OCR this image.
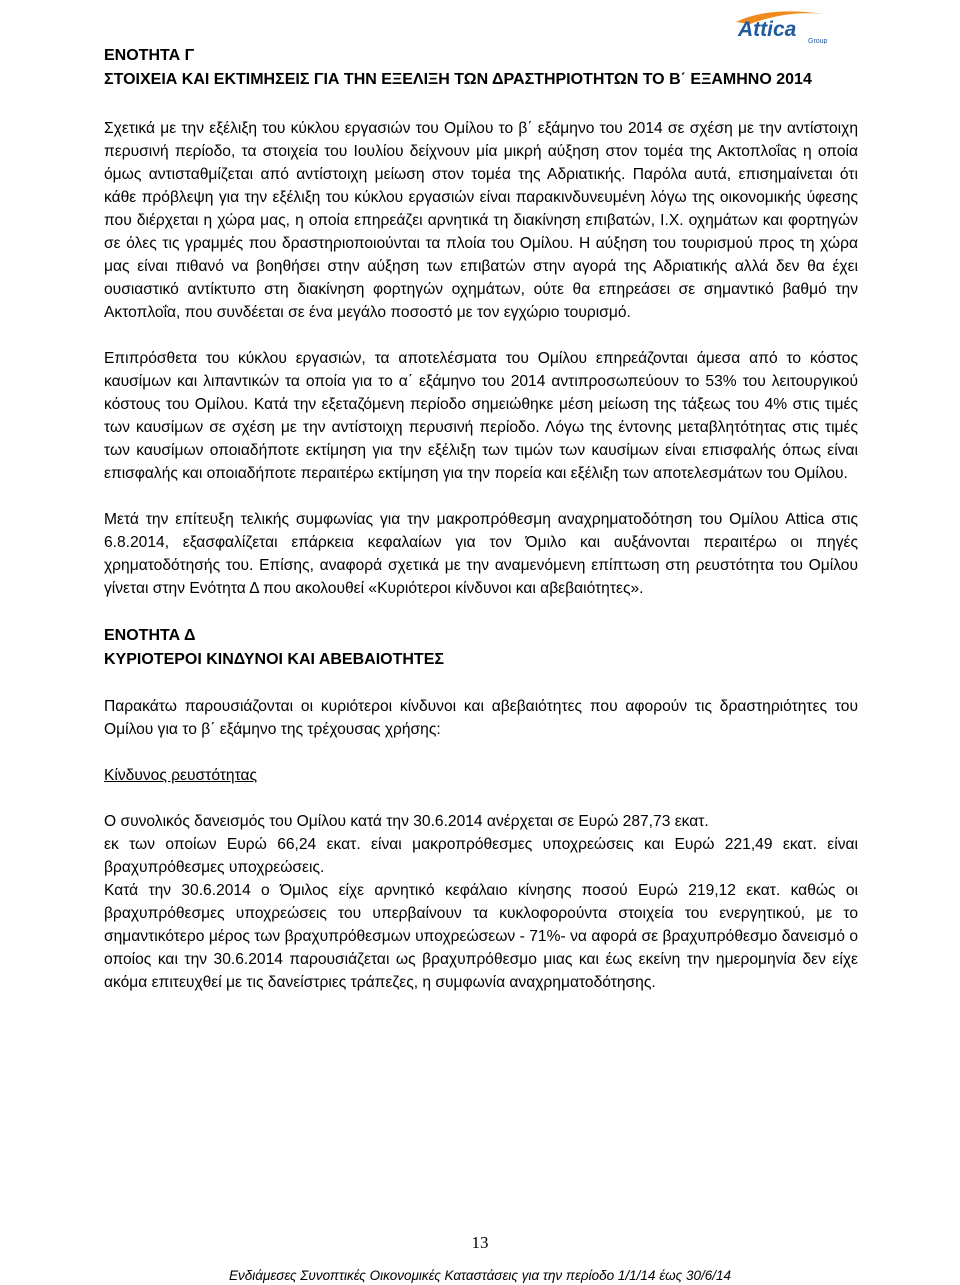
Attica
Group

ΕΝΟΤΗΤΑ Γ

ΣΤΟΙΧΕΙΑ ΚΑΙ ΕΚΤΙΜΗΣΕΙΣ ΓΙΑ ΤΗΝ ΕΞΕΛΙΞΗ ΤΩΝ ΔΡΑΣΤΗΡΙΟΤΗΤΩΝ ΤΟ Β΄ ΕΞΑΜΗΝΟ 2014

Σχετικά με την εξέλιξη του κύκλου εργασιών του Ομίλου το β΄ εξάμηνο του 2014 σε σχέση με την αντίστοιχη περυσινή περίοδο, τα στοιχεία του Ιουλίου δείχνουν μία μικρή αύξηση στον τομέα της Ακτοπλοΐας η οποία όμως αντισταθμίζεται από αντίστοιχη μείωση στον τομέα της Αδριατικής. Παρόλα αυτά, επισημαίνεται ότι κάθε πρόβλεψη για την εξέλιξη του κύκλου εργασιών είναι παρακινδυνευμένη λόγω της οικονομικής ύφεσης που διέρχεται η χώρα μας, η οποία επηρεάζει αρνητικά τη διακίνηση επιβατών, Ι.Χ. οχημάτων και φορτηγών σε όλες τις γραμμές που δραστηριοποιούνται τα πλοία του Ομίλου. Η αύξηση του τουρισμού προς τη χώρα μας είναι πιθανό να βοηθήσει στην αύξηση των επιβατών στην αγορά της Αδριατικής αλλά δεν θα έχει ουσιαστικό αντίκτυπο στη διακίνηση φορτηγών οχημάτων, ούτε θα επηρεάσει σε σημαντικό βαθμό την Ακτοπλοΐα, που συνδέεται σε ένα μεγάλο ποσοστό με τον εγχώριο τουρισμό.

Επιπρόσθετα του κύκλου εργασιών, τα αποτελέσματα του Ομίλου επηρεάζονται άμεσα από το κόστος καυσίμων και λιπαντικών τα οποία για το α΄ εξάμηνο του 2014 αντιπροσωπεύουν το 53% του λειτουργικού κόστους του Ομίλου. Κατά την εξεταζόμενη περίοδο σημειώθηκε μέση μείωση της τάξεως του 4% στις τιμές των καυσίμων σε σχέση με την αντίστοιχη περυσινή περίοδο. Λόγω της έντονης μεταβλητότητας στις τιμές των καυσίμων οποιαδήποτε εκτίμηση για την εξέλιξη των τιμών των καυσίμων είναι επισφαλής όπως είναι επισφαλής και οποιαδήποτε περαιτέρω εκτίμηση για την πορεία και εξέλιξη των αποτελεσμάτων του Ομίλου.

Μετά την επίτευξη τελικής συμφωνίας για την μακροπρόθεσμη αναχρηματοδότηση του Ομίλου Attica στις 6.8.2014, εξασφαλίζεται επάρκεια κεφαλαίων για τον Όμιλο και αυξάνονται περαιτέρω οι πηγές χρηματοδότησής του. Επίσης, αναφορά σχετικά με την αναμενόμενη επίπτωση στη ρευστότητα του Ομίλου γίνεται στην Ενότητα Δ που ακολουθεί «Κυριότεροι κίνδυνοι και αβεβαιότητες».

ΕΝΟΤΗΤΑ Δ

ΚΥΡΙΟΤΕΡΟΙ ΚΙΝΔΥΝΟΙ ΚΑΙ ΑΒΕΒΑΙΟΤΗΤΕΣ

Παρακάτω παρουσιάζονται οι κυριότεροι κίνδυνοι και αβεβαιότητες που αφορούν τις δραστηριότητες του Ομίλου για το β΄ εξάμηνο της τρέχουσας χρήσης:

Κίνδυνος ρευστότητας

Ο συνολικός δανεισμός του Ομίλου κατά την 30.6.2014 ανέρχεται σε Ευρώ 287,73 εκατ.

εκ των οποίων Ευρώ 66,24 εκατ. είναι μακροπρόθεσμες υποχρεώσεις και Ευρώ 221,49 εκατ. είναι βραχυπρόθεσμες υποχρεώσεις.

Κατά την 30.6.2014 ο Όμιλος είχε αρνητικό κεφάλαιο κίνησης ποσού Ευρώ 219,12 εκατ. καθώς οι βραχυπρόθεσμες υποχρεώσεις του υπερβαίνουν τα κυκλοφορούντα στοιχεία του ενεργητικού, με το σημαντικότερο μέρος των βραχυπρόθεσμων υποχρεώσεων - 71%- να αφορά σε βραχυπρόθεσμο δανεισμό ο οποίος και την 30.6.2014 παρουσιάζεται ως βραχυπρόθεσμο μιας και έως εκείνη την ημερομηνία δεν είχε ακόμα επιτευχθεί με τις δανείστριες τράπεζες, η συμφωνία αναχρηματοδότησης.

13
Ενδιάμεσες Συνοπτικές Οικονομικές Καταστάσεις για την περίοδο 1/1/14 έως 30/6/14
